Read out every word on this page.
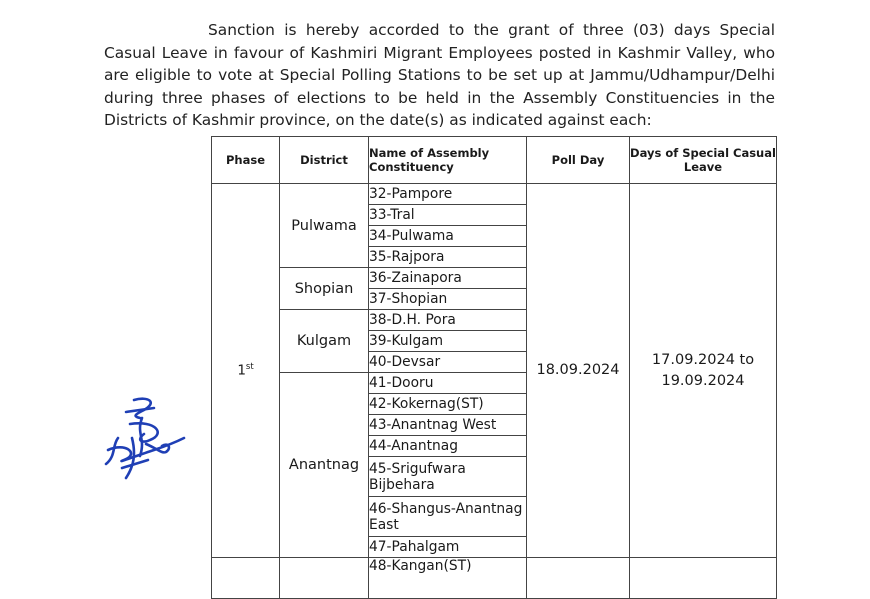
Sanction is hereby accorded to the grant of three (03) days Special Casual Leave in favour of Kashmiri Migrant Employees posted in Kashmir Valley, who are eligible to vote at Special Polling Stations to be set up at Jammu/Udhampur/Delhi during three phases of elections to be held in the Assembly Constituencies in the Districts of Kashmir province, on the date(s) as indicated against each:

Phase	District	Name of Assembly Constituency	Poll Day	Days of Special Casual Leave
1st	Pulwama	32-Pampore	18.09.2024	17.09.2024 to 19.09.2024
		33-Tral		
		34-Pulwama		
		35-Rajpora		
	Shopian	36-Zainapora		
		37-Shopian		
	Kulgam	38-D.H. Pora		
		39-Kulgam		
		40-Devsar		
	Anantnag	41-Dooru		
		42-Kokernag(ST)		
		43-Anantnag West		
		44-Anantnag		
		45-Srigufwara Bijbehara		
		46-Shangus-Anantnag East		
		47-Pahalgam		
		48-Kangan(ST)		
